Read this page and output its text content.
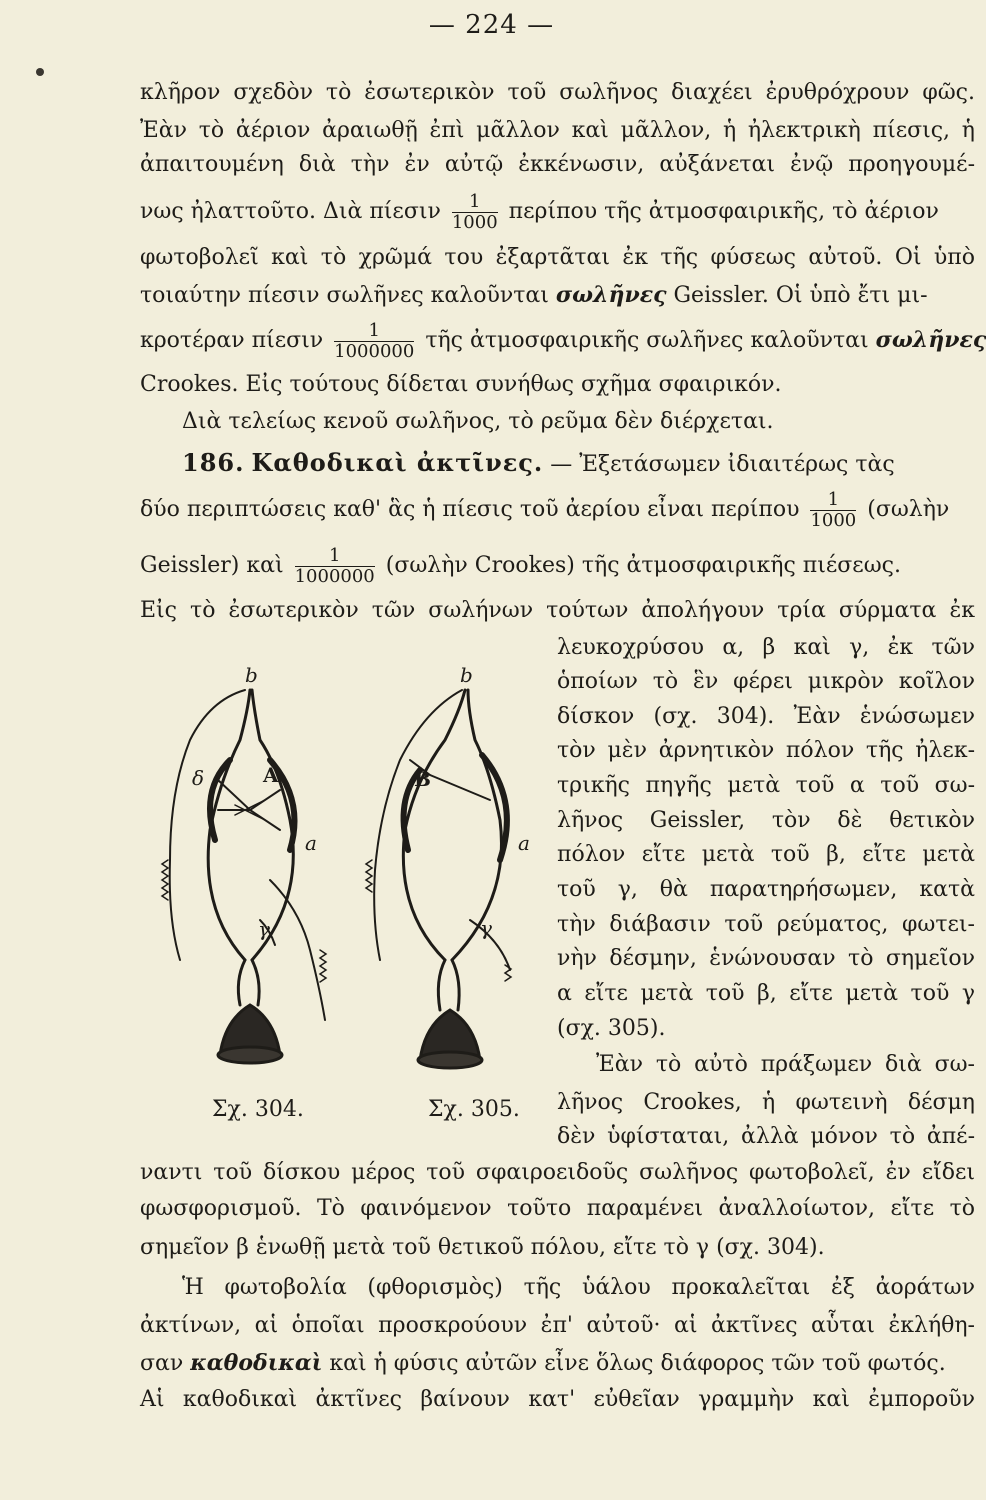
— 224 —
κλῆρον σχεδὸν τὸ ἐσωτερικὸν τοῦ σωλῆνος διαχέει ἐρυθρόχρουν φῶς.
Ἐὰν τὸ ἀέριον ἀραιωθῇ ἐπὶ μᾶλλον καὶ μᾶλλον, ἡ ἠλεκτρικὴ πίεσις, ἡ
ἀπαιτουμένη διὰ τὴν ἐν αὐτῷ ἐκκένωσιν, αὐξάνεται ἐνῷ προηγουμέ-
νως ἠλαττοῦτο. Διὰ πίεσιν $\frac{1}{1000}$ περίπου τῆς ἀτμοσφαιρικῆς, τὸ ἀέριον
φωτοβολεῖ καὶ τὸ χρῶμά του ἐξαρτᾶται ἐκ τῆς φύσεως αὐτοῦ. Οἱ ὑπὸ
τοιαύτην πίεσιν σωλῆνες καλοῦνται σωλῆνες Geissler. Οἱ ὑπὸ ἔτι μι-
κροτέραν πίεσιν $\frac{1}{1000000}$ τῆς ἀτμοσφαιρικῆς σωλῆνες καλοῦνται σωλῆνες
Crookes. Εἰς τούτους δίδεται συνήθως σχῆμα σφαιρικόν.
Διὰ τελείως κενοῦ σωλῆνος, τὸ ρεῦμα δὲν διέρχεται.
186. Καθοδικαὶ ἀκτῖνες. — Ἐξετάσωμεν ἰδιαιτέρως τὰς
δύο περιπτώσεις καθ' ἃς ἡ πίεσις τοῦ ἀερίου εἶναι περίπου $\frac{1}{1000}$ (σωλὴν
Geissler) καὶ $\frac{1}{1000000}$ (σωλὴν Crookes) τῆς ἀτμοσφαιρικῆς πιέσεως.
Εἰς τὸ ἐσωτερικὸν τῶν σωλήνων τούτων ἀπολήγουν τρία σύρματα ἐκ
λευκοχρύσου α, β καὶ γ, ἐκ τῶν
ὁποίων τὸ ἓν φέρει μικρὸν κοῖλον
δίσκον (σχ. 304). Ἐὰν ἑνώσωμεν
τὸν μὲν ἀρνητικὸν πόλον τῆς ἠλεκ-
τρικῆς πηγῆς μετὰ τοῦ α τοῦ σω-
λῆνος Geissler, τὸν δὲ θετικὸν
πόλον εἴτε μετὰ τοῦ β, εἴτε μετὰ
τοῦ γ, θὰ παρατηρήσωμεν, κατὰ
τὴν διάβασιν τοῦ ρεύματος, φωτει-
νὴν δέσμην, ἑνώνουσαν τὸ σημεῖον
α εἴτε μετὰ τοῦ β, εἴτε μετὰ τοῦ γ
(σχ. 305).
Ἐὰν τὸ αὐτὸ πράξωμεν διὰ σω-
λῆνος Crookes, ἡ φωτεινὴ δέσμη
δὲν ὑφίσταται, ἀλλὰ μόνον τὸ ἀπέ-
b
A
a
δ
γ
Σχ. 304.
b
B
a
γ
Σχ. 305.
ναντι τοῦ δίσκου μέρος τοῦ σφαιροειδοῦς σωλῆνος φωτοβολεῖ, ἐν εἴδει
φωσφορισμοῦ. Τὸ φαινόμενον τοῦτο παραμένει ἀναλλοίωτον, εἴτε τὸ
σημεῖον β ἑνωθῇ μετὰ τοῦ θετικοῦ πόλου, εἴτε τὸ γ (σχ. 304).
Ἡ φωτοβολία (φθορισμὸς) τῆς ὑάλου προκαλεῖται ἐξ ἀοράτων
ἀκτίνων, αἱ ὁποῖαι προσκρούουν ἐπ' αὐτοῦ· αἱ ἀκτῖνες αὗται ἐκλήθη-
σαν καθοδικαὶ καὶ ἡ φύσις αὐτῶν εἶνε ὅλως διάφορος τῶν τοῦ φωτός.
Αἱ καθοδικαὶ ἀκτῖνες βαίνουν κατ' εὐθεῖαν γραμμὴν καὶ ἐμποροῦν
